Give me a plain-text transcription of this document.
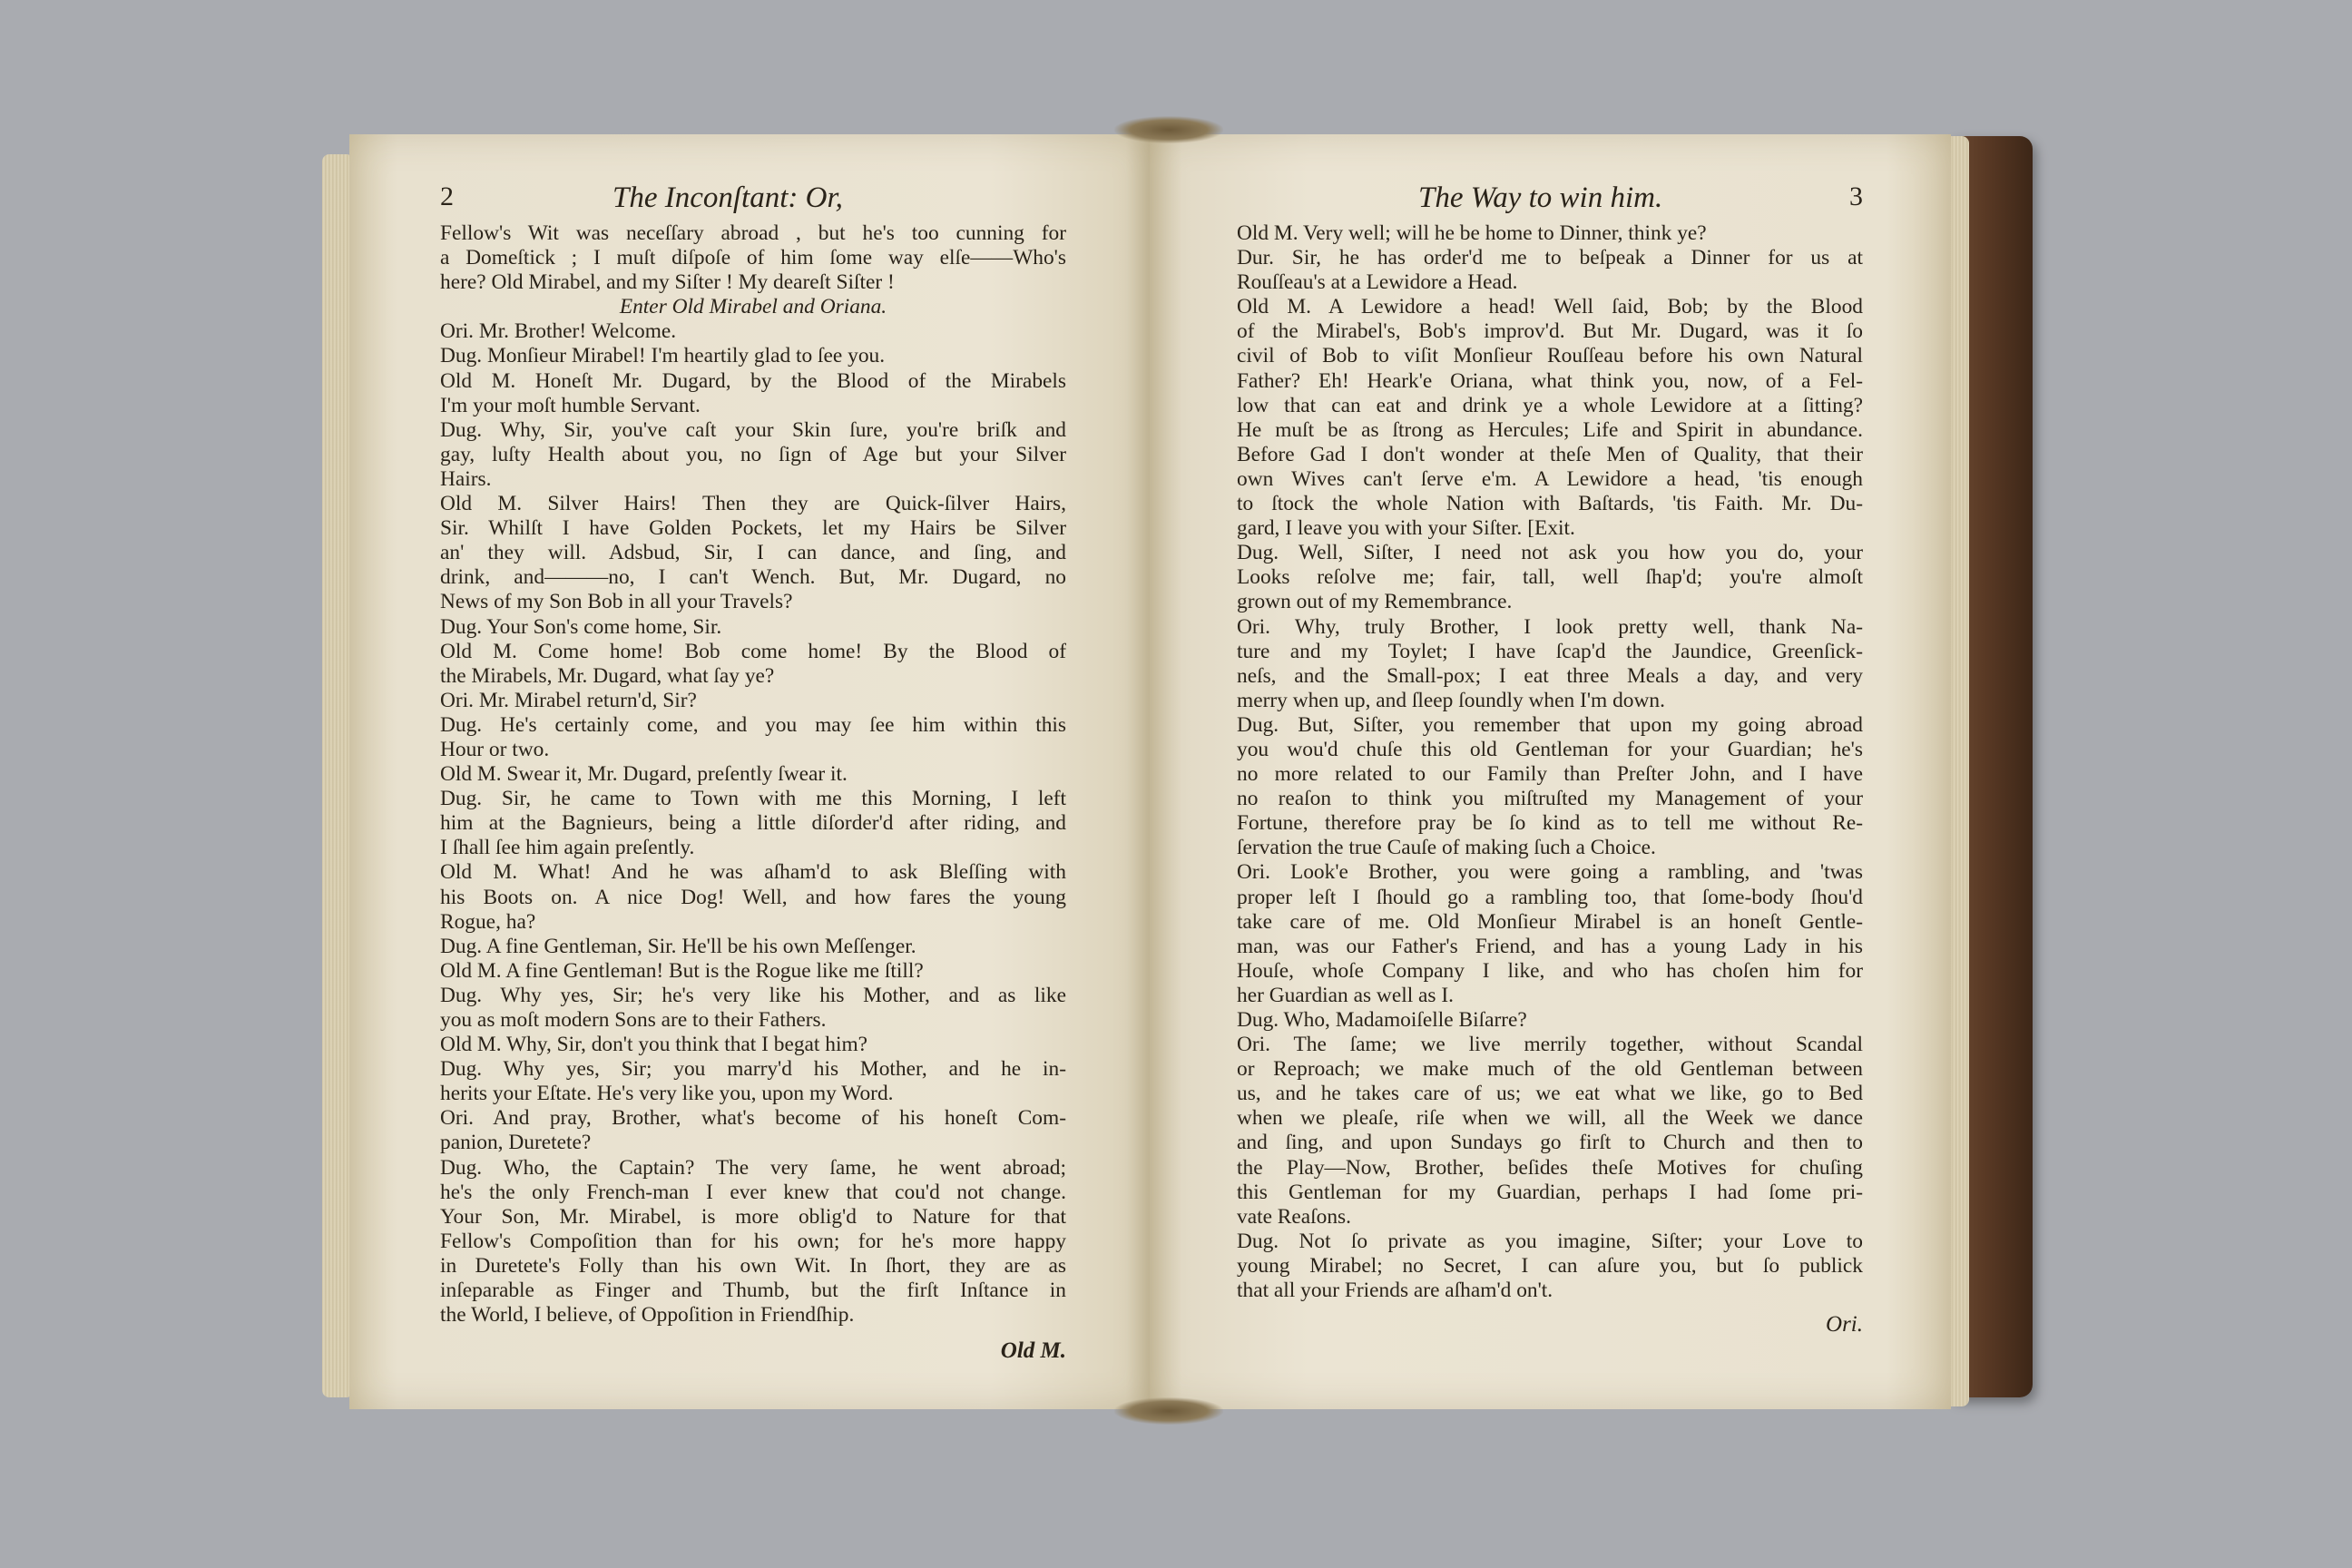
2	The Inconſtant: Or,
Fellow's Wit was neceſſary abroad , but he's too cunning for
a Domeſtick ; I muſt diſpoſe of him ſome way elſe——Who's
here? Old Mirabel, and my Siſter ! My deareſt Siſter !
Enter Old Mirabel and Oriana.
Ori. Mr. Brother! Welcome.
Dug. Monſieur Mirabel! I'm heartily glad to ſee you.
Old M. Honeſt Mr. Dugard, by the Blood of the Mirabels
I'm your moſt humble Servant.
Dug. Why, Sir, you've caſt your Skin ſure, you're briſk and
gay, luſty Health about you, no ſign of Age but your Silver
Hairs.
Old M. Silver Hairs! Then they are Quick-ſilver Hairs,
Sir. Whilſt I have Golden Pockets, let my Hairs be Silver
an' they will. Adsbud, Sir, I can dance, and ſing, and
drink, and———no, I can't Wench. But, Mr. Dugard, no
News of my Son Bob in all your Travels?
Dug. Your Son's come home, Sir.
Old M. Come home! Bob come home! By the Blood of
the Mirabels, Mr. Dugard, what ſay ye?
Ori. Mr. Mirabel return'd, Sir?
Dug. He's certainly come, and you may ſee him within this
Hour or two.
Old M. Swear it, Mr. Dugard, preſently ſwear it.
Dug. Sir, he came to Town with me this Morning, I left
him at the Bagnieurs, being a little diſorder'd after riding, and
I ſhall ſee him again preſently.
Old M. What! And he was aſham'd to ask Bleſſing with
his Boots on. A nice Dog! Well, and how fares the young
Rogue, ha?
Dug. A fine Gentleman, Sir. He'll be his own Meſſenger.
Old M. A fine Gentleman! But is the Rogue like me ſtill?
Dug. Why yes, Sir; he's very like his Mother, and as like
you as moſt modern Sons are to their Fathers.
Old M. Why, Sir, don't you think that I begat him?
Dug. Why yes, Sir; you marry'd his Mother, and he in-
herits your Eſtate. He's very like you, upon my Word.
Ori. And pray, Brother, what's become of his honeſt Com-
panion, Duretete?
Dug. Who, the Captain? The very ſame, he went abroad;
he's the only French-man I ever knew that cou'd not change.
Your Son, Mr. Mirabel, is more oblig'd to Nature for that
Fellow's Compoſition than for his own; for he's more happy
in Duretete's Folly than his own Wit. In ſhort, they are as
inſeparable as Finger and Thumb, but the firſt Inſtance in
the World, I believe, of Oppoſition in Friendſhip.
Old M.
The Way to win him.	3
Old M. Very well; will he be home to Dinner, think ye?
Dur. Sir, he has order'd me to beſpeak a Dinner for us at
Rouſſeau's at a Lewidore a Head.
Old M. A Lewidore a head! Well ſaid, Bob; by the Blood
of the Mirabel's, Bob's improv'd. But Mr. Dugard, was it ſo
civil of Bob to viſit Monſieur Rouſſeau before his own Natural
Father? Eh! Heark'e Oriana, what think you, now, of a Fel-
low that can eat and drink ye a whole Lewidore at a ſitting?
He muſt be as ſtrong as Hercules; Life and Spirit in abundance.
Before Gad I don't wonder at theſe Men of Quality, that their
own Wives can't ſerve e'm. A Lewidore a head, 'tis enough
to ſtock the whole Nation with Baſtards, 'tis Faith. Mr. Du-
gard, I leave you with your Siſter. [Exit.
Dug. Well, Siſter, I need not ask you how you do, your
Looks reſolve me; fair, tall, well ſhap'd; you're almoſt
grown out of my Remembrance.
Ori. Why, truly Brother, I look pretty well, thank Na-
ture and my Toylet; I have ſcap'd the Jaundice, Greenſick-
neſs, and the Small-pox; I eat three Meals a day, and very
merry when up, and ſleep ſoundly when I'm down.
Dug. But, Siſter, you remember that upon my going abroad
you wou'd chuſe this old Gentleman for your Guardian; he's
no more related to our Family than Preſter John, and I have
no reaſon to think you miſtruſted my Management of your
Fortune, therefore pray be ſo kind as to tell me without Re-
ſervation the true Cauſe of making ſuch a Choice.
Ori. Look'e Brother, you were going a rambling, and 'twas
proper leſt I ſhould go a rambling too, that ſome-body ſhou'd
take care of me. Old Monſieur Mirabel is an honeſt Gentle-
man, was our Father's Friend, and has a young Lady in his
Houſe, whoſe Company I like, and who has choſen him for
her Guardian as well as I.
Dug. Who, Madamoiſelle Biſarre?
Ori. The ſame; we live merrily together, without Scandal
or Reproach; we make much of the old Gentleman between
us, and he takes care of us; we eat what we like, go to Bed
when we pleaſe, riſe when we will, all the Week we dance
and ſing, and upon Sundays go firſt to Church and then to
the Play—Now, Brother, beſides theſe Motives for chuſing
this Gentleman for my Guardian, perhaps I had ſome pri-
vate Reaſons.
Dug. Not ſo private as you imagine, Siſter; your Love to
young Mirabel; no Secret, I can aſure you, but ſo publick
that all your Friends are aſham'd on't.
Ori.
